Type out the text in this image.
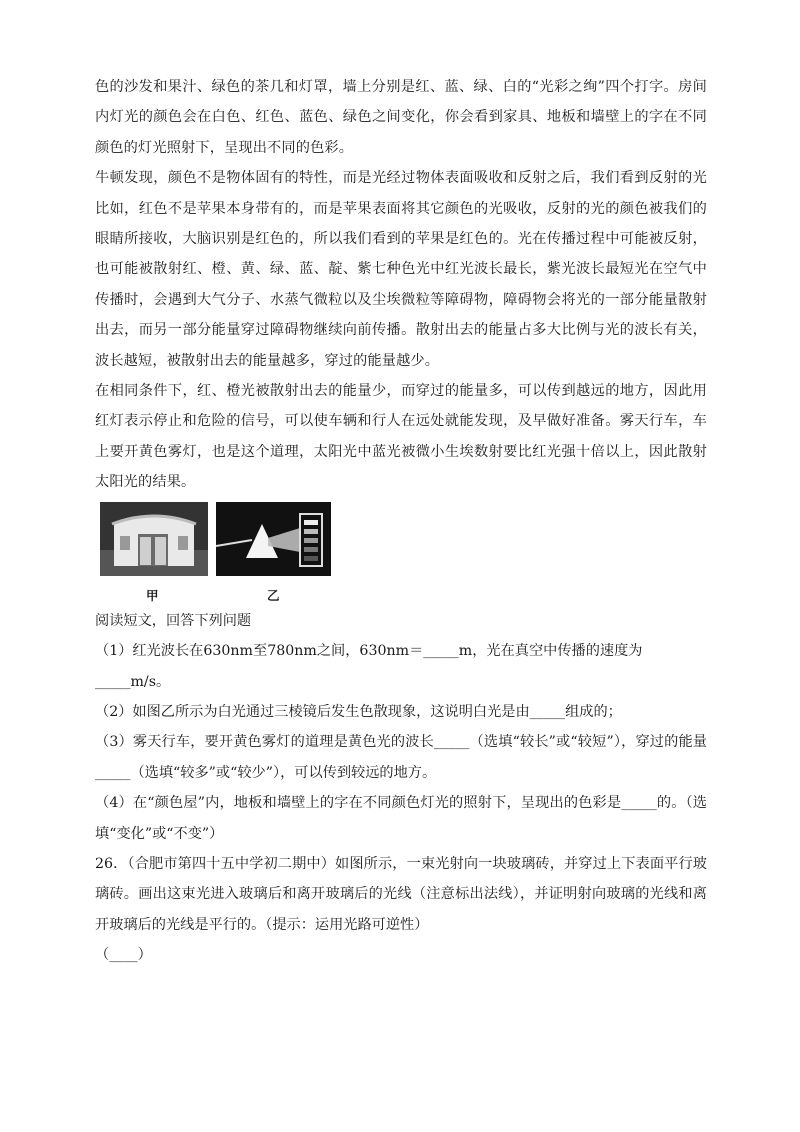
色的沙发和果汁、绿色的茶几和灯罩，墙上分别是红、蓝、绿、白的“光彩之绚”四个打字。房间内灯光的颜色会在白色、红色、蓝色、绿色之间变化，你会看到家具、地板和墙壁上的字在不同颜色的灯光照射下，呈现出不同的色彩。

牛顿发现，颜色不是物体固有的特性，而是光经过物体表面吸收和反射之后，我们看到反射的光比如，红色不是苹果本身带有的，而是苹果表面将其它颜色的光吸收，反射的光的颜色被我们的眼睛所接收，大脑识别是红色的，所以我们看到的苹果是红色的。光在传播过程中可能被反射，也可能被散射红、橙、黄、绿、蓝、靛、紫七种色光中红光波长最长，紫光波长最短光在空气中传播时，会遇到大气分子、水蒸气微粒以及尘埃微粒等障碍物，障碍物会将光的一部分能量散射出去，而另一部分能量穿过障碍物继续向前传播。散射出去的能量占多大比例与光的波长有关，波长越短，被散射出去的能量越多，穿过的能量越少。

在相同条件下，红、橙光被散射出去的能量少，而穿过的能量多，可以传到越远的地方，因此用红灯表示停止和危险的信号，可以使车辆和行人在远处就能发现，及早做好准备。雾天行车，车上要开黄色雾灯，也是这个道理，太阳光中蓝光被微小生埃数射要比红光强十倍以上，因此散射太阳光的结果。

甲	乙

阅读短文，回答下列问题

（1）红光波长在630nm至780nm之间，630nm＝_____m，光在真空中传播的速度为_____m/s。

（2）如图乙所示为白光通过三棱镜后发生色散现象，这说明白光是由_____组成的；

（3）雾天行车，要开黄色雾灯的道理是黄色光的波长_____（选填“较长”或“较短”），穿过的能量_____（选填“较多”或“较少”），可以传到较远的地方。

（4）在“颜色屋”内，地板和墙壁上的字在不同颜色灯光的照射下，呈现出的色彩是_____的。（选填“变化”或“不变”）

26．（合肥市第四十五中学初二期中）如图所示，一束光射向一块玻璃砖，并穿过上下表面平行玻璃砖。画出这束光进入玻璃后和离开玻璃后的光线（注意标出法线），并证明射向玻璃的光线和离开玻璃后的光线是平行的。（提示：运用光路可逆性）

（____）
